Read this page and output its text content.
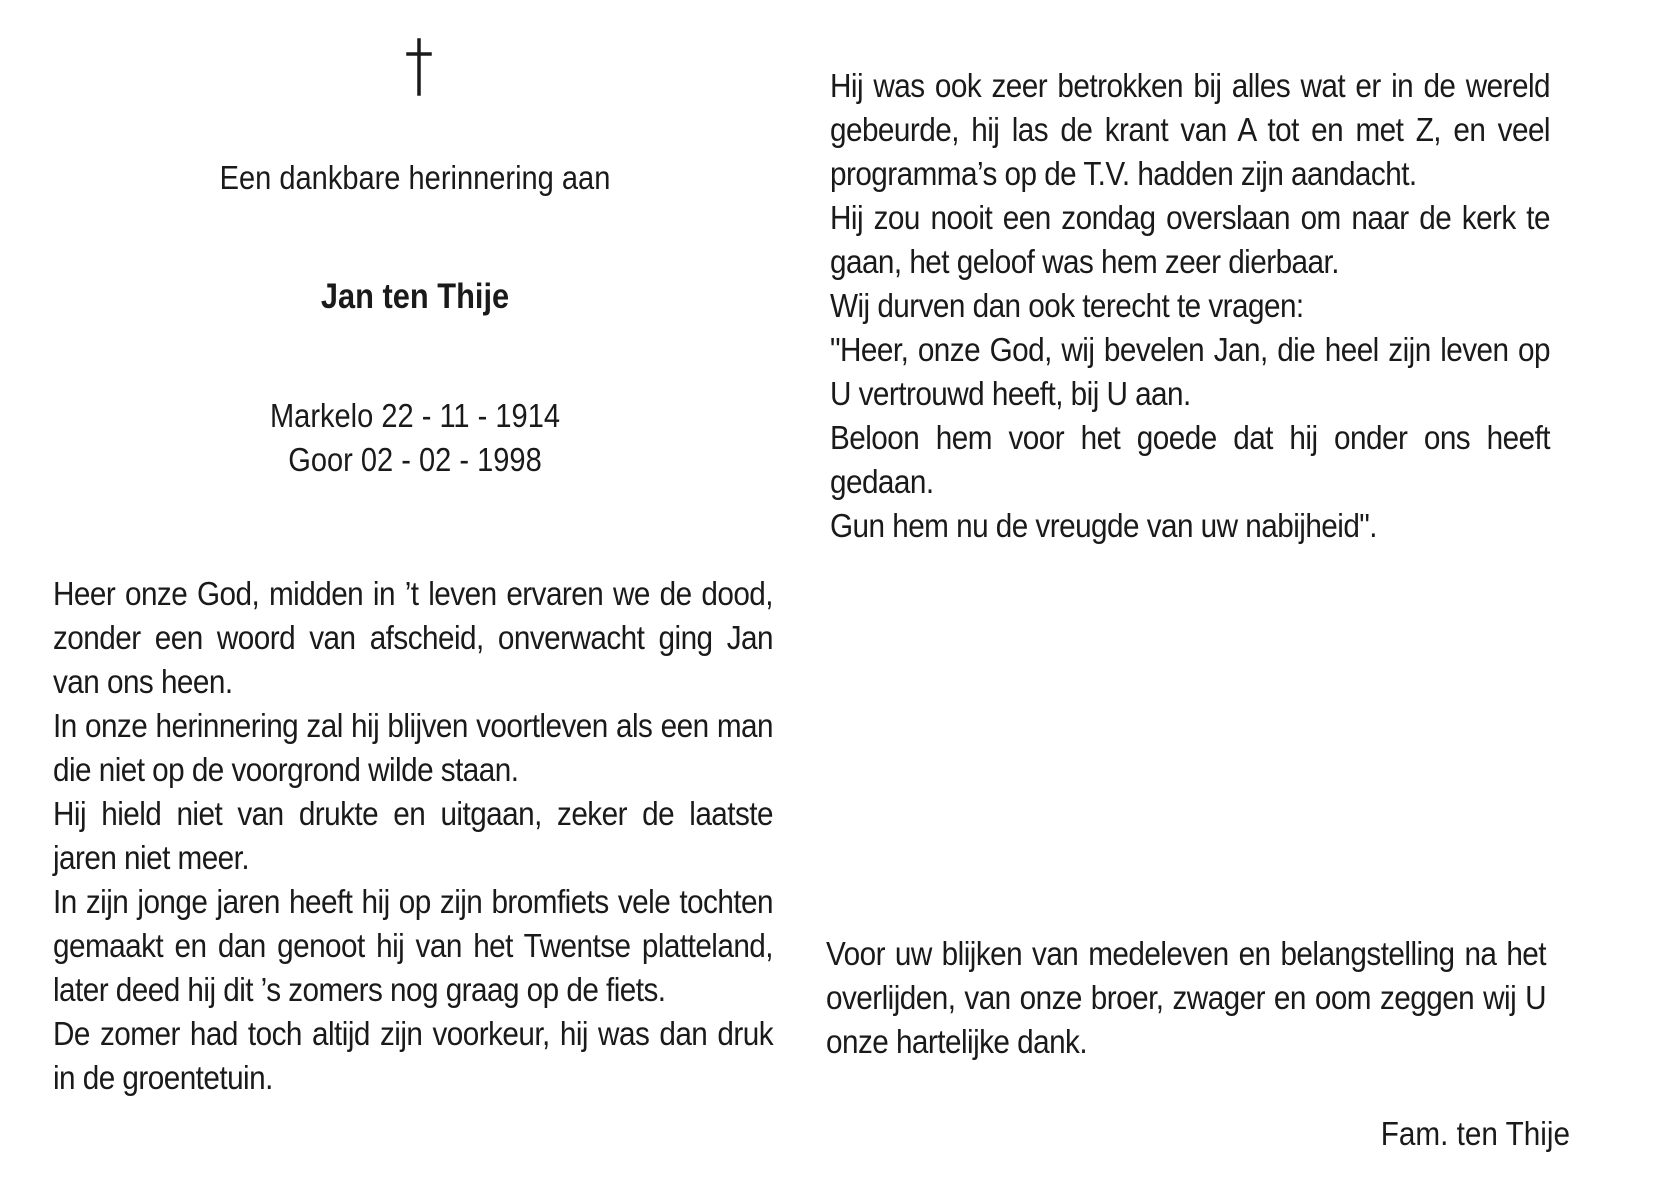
Een dankbare herinnering aan

Jan ten Thije
Markelo 22 - 11 - 1914
Goor 02 - 02 - 1998

Heer onze God, midden in ’t leven ervaren we de dood, zonder een woord van afscheid, onverwacht ging Jan van ons heen.

In onze herinnering zal hij blijven voortleven als een man die niet op de voorgrond wilde staan.

Hij hield niet van drukte en uitgaan, zeker de laatste jaren niet meer.

In zijn jonge jaren heeft hij op zijn bromfiets vele tochten gemaakt en dan genoot hij van het Twentse platteland, later deed hij dit ’s zomers nog graag op de fiets.

De zomer had toch altijd zijn voorkeur, hij was dan druk in de groentetuin.

Hij was ook zeer betrokken bij alles wat er in de wereld gebeurde, hij las de krant van A tot en met Z, en veel programma’s op de T.V. hadden zijn aandacht.

Hij zou nooit een zondag overslaan om naar de kerk te gaan, het geloof was hem zeer dierbaar.

Wij durven dan ook terecht te vragen:

"Heer, onze God, wij bevelen Jan, die heel zijn leven op U vertrouwd heeft, bij U aan.

Beloon hem voor het goede dat hij onder ons heeft gedaan.

Gun hem nu de vreugde van uw nabijheid".

Voor uw blijken van medeleven en belangstelling na het overlijden, van onze broer, zwager en oom zeggen wij U onze hartelijke dank.

Fam. ten Thije
